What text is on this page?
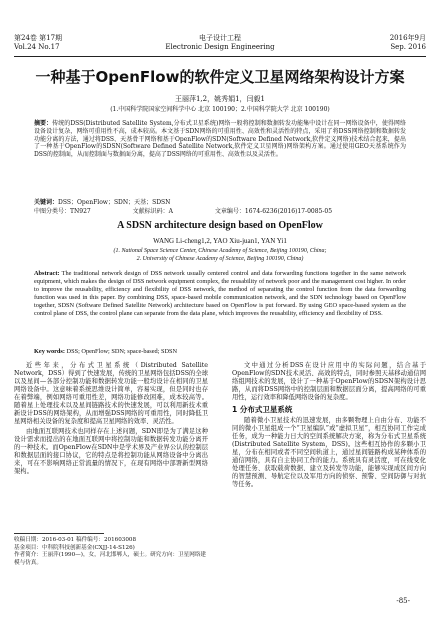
第24卷 第17期	电子设计工程	2016年9月
Vol.24 No.17	Electronic Design Engineering	Sep. 2016
一种基于OpenFlow的软件定义卫星网络架构设计方案
王丽萍1,2，姚秀娟1，闫毅1
(1.中国科学院国家空间科学中心 北京 100190；2.中国科学院大学 北京 100190)
摘要：传统的DSS(Distributed Satellite System,分布式卫星系统)网络一般将控制和数据转发功能集中设计在同一网络设备中，使得网络设备设计复杂，网络可重用性不高，成本较高。本文基于SDN网络的可重用性、高效性和灵活性的特点，采用了将DSS网络控制和数据转发功能分离的方法，通过将DSS、天基骨干网络和基于OpenFlow的SDN(Software Defined Network,软件定义网络)技术结合起来，提出了一种基于OpenFlow的SDSN(Software Defined Satellite Network,软件定义卫星网络)网络架构方案。通过使用GEO天基系统作为DSS的控制面，从而控制面与数据面分离，提高了DSS网络的可重用性、高效性以及灵活性。
关键词：DSS；OpenFlow；SDN；天基；SDSN
中图分类号：TN927	文献标识码：A	文章编号：1674-6236(2016)17-0085-05
A SDSN architecture design based on OpenFlow
WANG Li-cheng1,2, YAO Xiu-juan1, YAN Yi1
(1. National Space Science Center, Chinese Academy of Science, Beijing 100190, China;
2. University of Chinese Academy of Science, Beijing 100190, China)
Abstract: The traditional network design of DSS network usually centered control and data forwarding functions together in the same network equipment, which makes the design of DSS network equipment complex, the reusability of network poor and the management cost higher. In order to improve the reusability, efficiency and flexibility of DSS network, the method of separating the control function from the data forwarding function was used in this paper. By combining DSS, space-based mobile communication network, and the SDN technology based on OpenFlow together, SDSN (Software Defined Satellite Network) architecture based on OpenFlow is put forward. By using GEO space-based system as the control plane of DSS, the control plane can separate from the data plane, which improves the reusability, efficiency and flexibility of DSS.
Key words: DSS; OpenFlow; SDN; space-based; SDSN

近些年来，分布式卫星系统（Distributed Satellite Network，DSS）得到了快速发展，传统的卫星网络包括DSS的全球以及星间—各部分控制功能和数据转发功能一般均设计在相同的卫星网络设备中。这意味着系统思维设计简单，容易实现，但是同时也存在着弊端，例如网络可重用性差，网络功能修改困难，成本较高等。随着星上处理技术以及星间链路技术的快速发展，可以利用新技术重新设计DSS的网络架构，从而增强DSS网络的可重用性，同时降低卫星网络相关设备的复杂度和提高卫星网络的效率、灵活性。

由地面互联网技术也同样存在上述问题，SDN即是为了满足这种设计需求而提出的在地面互联网中将控制功能和数据转发功能分离开的一种技术。而OpenFlow在SDN中是学术界及产业界公认的控制层和数据层面的接口协议，它的特点是将控制功能从网络设备中分离出来，可在不影响网络正常流量的情况下，在现有网络中部署新型网络架构。

文中通过分析DSS在设计应用中的实际问题，结合基于OpenFlow的SDN技术灵活、高效的特点，同时参照天基移动通信网络组网技术的发展，设计了一种基于OpenFlow的SDSN架构设计思路，从而将DSS网络中的控制层面和数据层面分离，提高网络的可重用性，运行效率和降低网络设备的复杂度。

1 分布式卫星系统

随着微小卫星技术的迅速发展，由多颗物理上自由分布、功能不同的微小卫星组成一个“卫星编队”或“虚拟卫星”，相互协同工作完成任务，成为一种能力日大的空间系统解决方案，称为分布式卫星系统(Distributed Satellite System，DSS)。这些相互协作的多颗小卫星，分布在相同或者不同空间轨道上，通过星间链路构成某种体系的通信网络，具有自主协同工作的能力。系统具有灵活度，可在线变化处理任务、获取载荷数据、建立及转发等功能，能够实现成区间方向的智慧预测、导航定位以及军用方向的侦察、预警、空间防御与对抗等任务。

收稿日期：2016-03-01 稿件编号：201603008
基金项目：中科院科技创新基金(CXJJ-14-S126)
作者简介：王丽萍(1990—)，女，河北邯郸人，硕士。研究方向：卫星网络建模与仿真。
-85-
